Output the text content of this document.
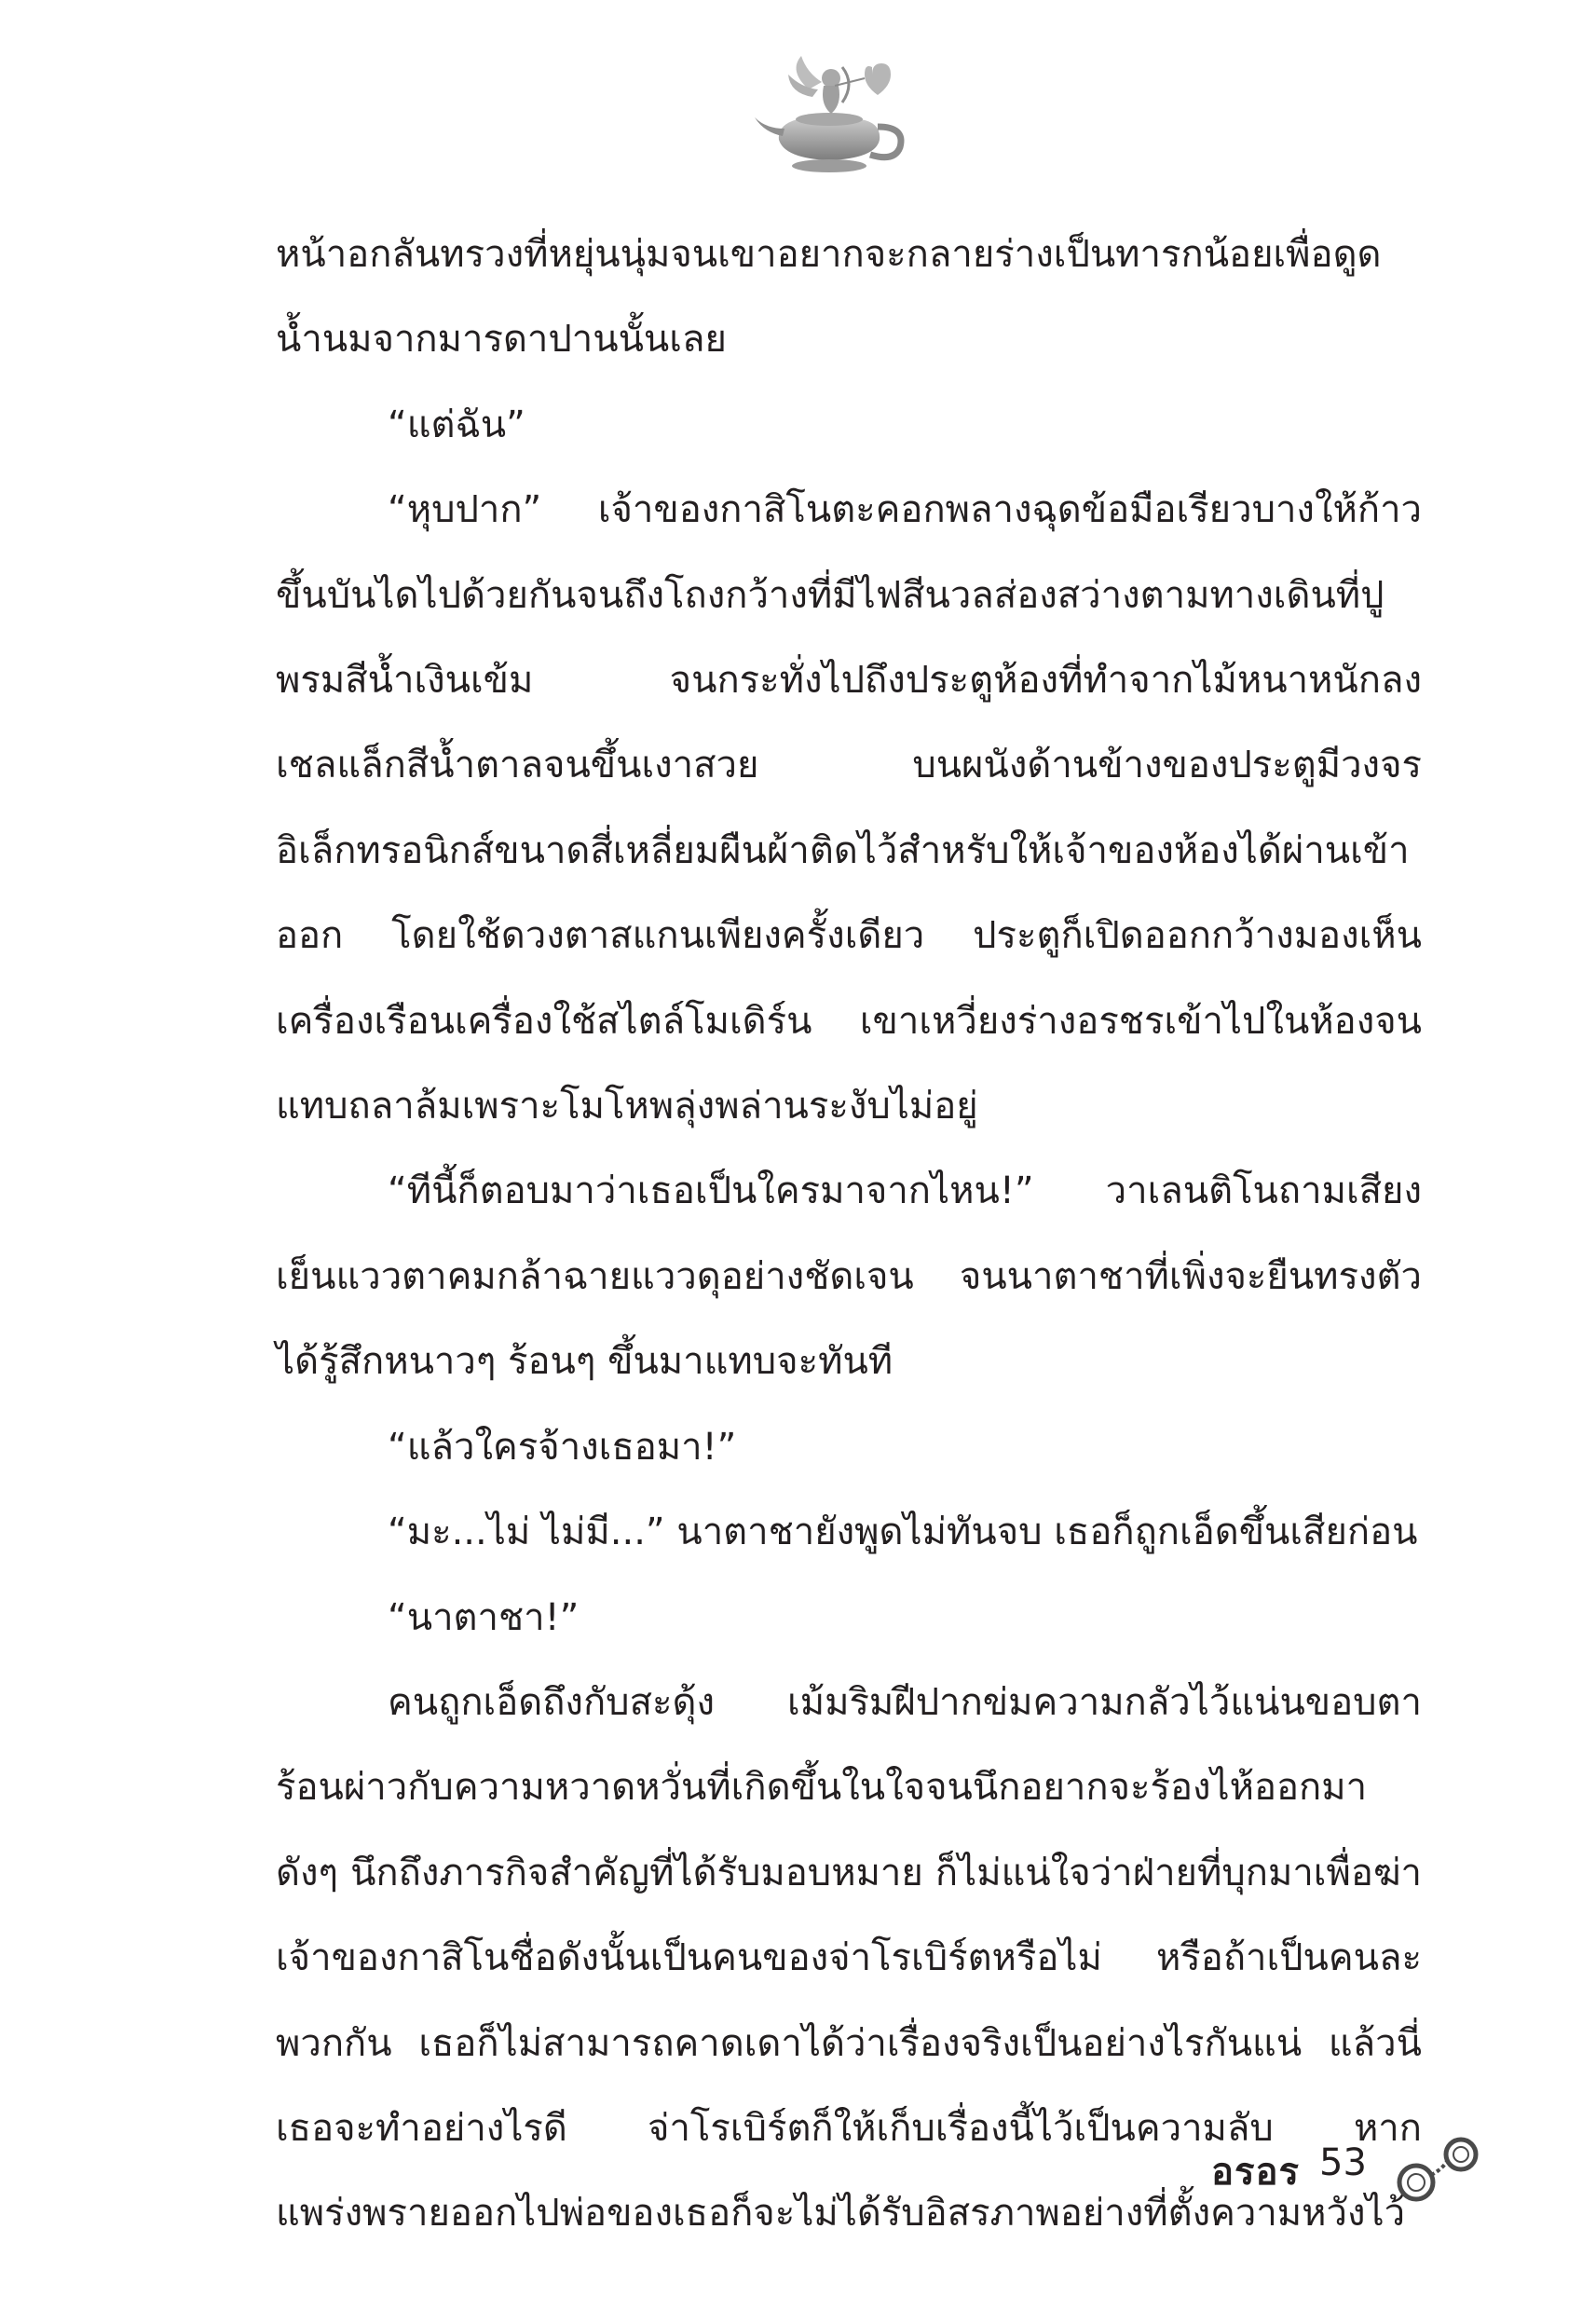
หน้าอกลันทรวงที่หยุ่นนุ่มจนเขาอยากจะกลายร่างเป็นทารกน้อยเพื่อดูดน้ำนมจากมารดาปานนั้นเลย

“แต่ฉัน”

“หุบปาก” เจ้าของกาสิโนตะคอกพลางฉุดข้อมือเรียวบางให้ก้าวขึ้นบันไดไปด้วยกันจนถึงโถงกว้างที่มีไฟสีนวลส่องสว่างตามทางเดินที่ปูพรมสีน้ำเงินเข้ม จนกระทั่งไปถึงประตูห้องที่ทำจากไม้หนาหนักลงเชลแล็กสีน้ำตาลจนขึ้นเงาสวย บนผนังด้านข้างของประตูมีวงจรอิเล็กทรอนิกส์ขนาดสี่เหลี่ยมผืนผ้าติดไว้สำหรับให้เจ้าของห้องได้ผ่านเข้าออก โดยใช้ดวงตาสแกนเพียงครั้งเดียว ประตูก็เปิดออกกว้างมองเห็นเครื่องเรือนเครื่องใช้สไตล์โมเดิร์น เขาเหวี่ยงร่างอรชรเข้าไปในห้องจนแทบถลาล้มเพราะโมโหพลุ่งพล่านระงับไม่อยู่

“ทีนี้ก็ตอบมาว่าเธอเป็นใครมาจากไหน!” วาเลนติโนถามเสียงเย็นแววตาคมกล้าฉายแววดุอย่างชัดเจน จนนาตาชาที่เพิ่งจะยืนทรงตัวได้รู้สึกหนาวๆ ร้อนๆ ขึ้นมาแทบจะทันที

“แล้วใครจ้างเธอมา!”

“มะ...ไม่ ไม่มี...” นาตาชายังพูดไม่ทันจบ เธอก็ถูกเอ็ดขึ้นเสียก่อน

“นาตาชา!”

คนถูกเอ็ดถึงกับสะดุ้ง เม้มริมฝีปากข่มความกลัวไว้แน่นขอบตาร้อนผ่าวกับความหวาดหวั่นที่เกิดขึ้นในใจจนนึกอยากจะร้องไห้ออกมาดังๆ นึกถึงภารกิจสำคัญที่ได้รับมอบหมาย ก็ไม่แน่ใจว่าฝ่ายที่บุกมาเพื่อฆ่าเจ้าของกาสิโนชื่อดังนั้นเป็นคนของจ่าโรเบิร์ตหรือไม่ หรือถ้าเป็นคนละพวกกัน เธอก็ไม่สามารถคาดเดาได้ว่าเรื่องจริงเป็นอย่างไรกันแน่ แล้วนี่เธอจะทำอย่างไรดี จ่าโรเบิร์ตก็ให้เก็บเรื่องนี้ไว้เป็นความลับ หากแพร่งพรายออกไปพ่อของเธอก็จะไม่ได้รับอิสรภาพอย่างที่ตั้งความหวังไว้

อรอร 53
